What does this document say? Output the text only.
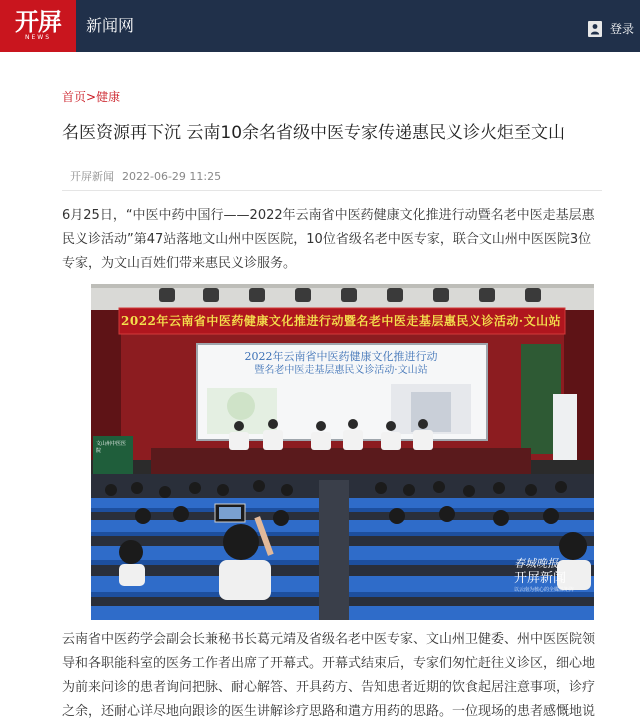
开屏
NEWS
新闻网	登录
首页>健康
名医资源再下沉 云南10余名省级中医专家传递惠民义诊火炬至文山
开屏新闻 2022-06-29 11:25

6月25日，“中医中药中国行——2022年云南省中医药健康文化推进行动暨名老中医走基层惠民义诊活动”第47站落地文山州中医医院，10位省级名老中医专家，联合文山州中医医院3位专家，为文山百姓们带来惠民义诊服务。

2022年云南省中医药健康文化推进行动暨名老中医走基层惠民义诊活动·文山站
2022年云南省中医药健康文化推进行动
暨名老中医走基层惠民义诊活动·文山站
文山州中医医院
春城晚报
开屏新闻
以云南为核心的全媒体矩阵

云南省中医药学会副会长兼秘书长葛元靖及省级名老中医专家、文山州卫健委、州中医医院领导和各职能科室的医务工作者出席了开幕式。开幕式结束后，专家们匆忙赶往义诊区，细心地为前来问诊的患者询问把脉、耐心解答、开具药方、告知患者近期的饮食起居注意事项，诊疗之余，还耐心详尽地向跟诊的医生讲解诊疗思路和遣方用药的思路。一位现场的患者感慨地说
